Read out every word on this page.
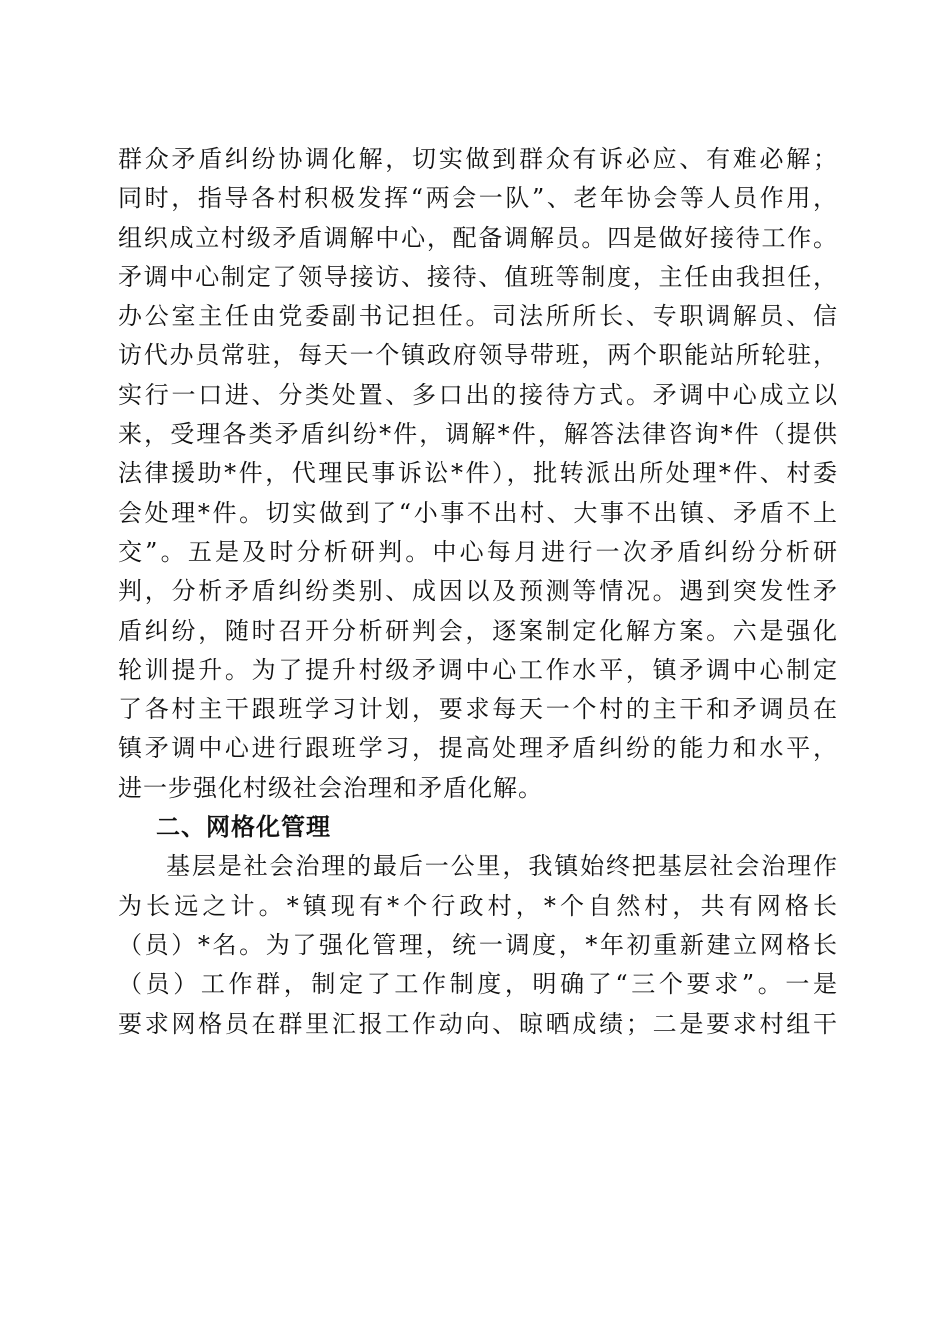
群众矛盾纠纷协调化解，切实做到群众有诉必应、有难必解；
同时，指导各村积极发挥“两会一队”、老年协会等人员作用，
组织成立村级矛盾调解中心，配备调解员。四是做好接待工作。
矛调中心制定了领导接访、接待、值班等制度，主任由我担任，
办公室主任由党委副书记担任。司法所所长、专职调解员、信
访代办员常驻，每天一个镇政府领导带班，两个职能站所轮驻，
实行一口进、分类处置、多口出的接待方式。矛调中心成立以
来，受理各类矛盾纠纷*件，调解*件，解答法律咨询*件（提供
法律援助*件，代理民事诉讼*件），批转派出所处理*件、村委
会处理*件。切实做到了“小事不出村、大事不出镇、矛盾不上
交”。五是及时分析研判。中心每月进行一次矛盾纠纷分析研
判，分析矛盾纠纷类别、成因以及预测等情况。遇到突发性矛
盾纠纷，随时召开分析研判会，逐案制定化解方案。六是强化
轮训提升。为了提升村级矛调中心工作水平，镇矛调中心制定
了各村主干跟班学习计划，要求每天一个村的主干和矛调员在
镇矛调中心进行跟班学习，提高处理矛盾纠纷的能力和水平，
进一步强化村级社会治理和矛盾化解。
二、网格化管理
基层是社会治理的最后一公里，我镇始终把基层社会治理作
为长远之计。*镇现有*个行政村，*个自然村，共有网格长
（员）*名。为了强化管理，统一调度，*年初重新建立网格长
（员）工作群，制定了工作制度，明确了“三个要求”。一是
要求网格员在群里汇报工作动向、晾晒成绩；二是要求村组干
